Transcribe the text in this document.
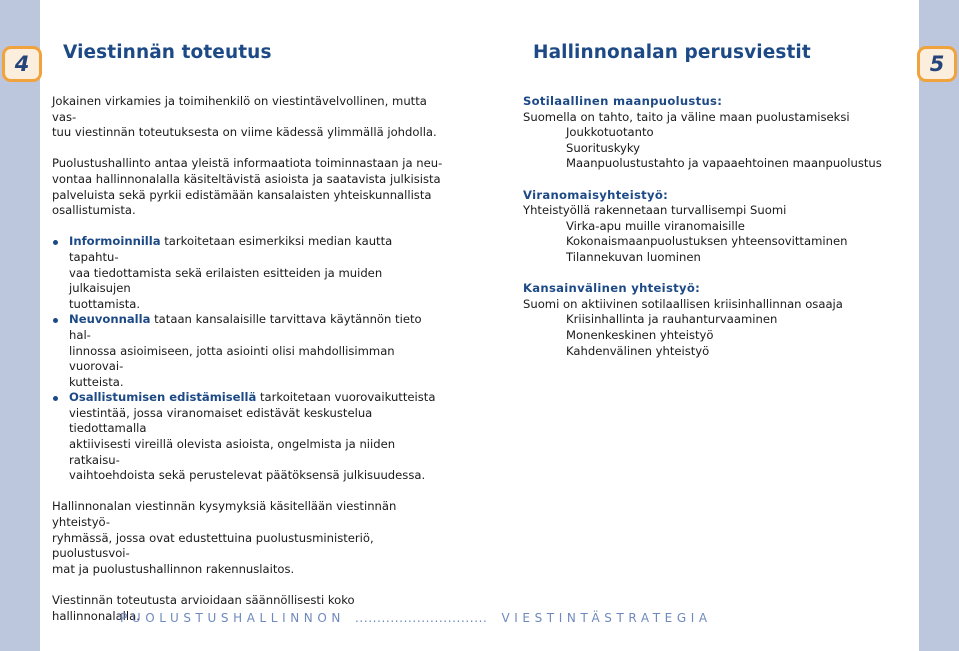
4	5
Viestinnän toteutus	Hallinnonalan perusviestit

Jokainen virkamies ja toimihenkilö on viestintävelvollinen, mutta vas-
tuu viestinnän toteutuksesta on viime kädessä ylimmällä johdolla.

Puolustushallinto antaa yleistä informaatiota toiminnastaan ja neu-
vontaa hallinnonalalla käsiteltävistä asioista ja saatavista julkisista
palveluista sekä pyrkii edistämään kansalaisten yhteiskunnallista
osallistumista.

Informoinnilla tarkoitetaan esimerkiksi median kautta tapahtu-
vaa tiedottamista sekä erilaisten esitteiden ja muiden julkaisujen
tuottamista.
Neuvonnalla tataan kansalaisille tarvittava käytännön tieto hal-
linnossa asioimiseen, jotta asiointi olisi mahdollisimman vuorovai-
kutteista.
Osallistumisen edistämisellä tarkoitetaan vuorovaikutteista
viestintää, jossa viranomaiset edistävät keskustelua tiedottamalla
aktiivisesti vireillä olevista asioista, ongelmista ja niiden ratkaisu-
vaihtoehdoista sekä perustelevat päätöksensä julkisuudessa.

Hallinnonalan viestinnän kysymyksiä käsitellään viestinnän yhteistyö-
ryhmässä, jossa ovat edustettuina puolustusministeriö, puolustusvoi-
mat ja puolustushallinnon rakennuslaitos.

Viestinnän toteutusta arvioidaan säännöllisesti koko hallinnonalalla.

Sotilaallinen maanpuolustus:

Suomella on tahto, taito ja väline maan puolustamiseksi

Joukkotuotanto

Suorituskyky

Maanpuolustustahto ja vapaaehtoinen maanpuolustus

Viranomaisyhteistyö:

Yhteistyöllä rakennetaan turvallisempi Suomi

Virka-apu muille viranomaisille

Kokonaismaanpuolustuksen yhteensovittaminen

Tilannekuvan luominen

Kansainvälinen yhteistyö:

Suomi on aktiivinen sotilaallisen kriisinhallinnan osaaja

Kriisinhallinta ja rauhanturvaaminen

Monenkeskinen yhteistyö

Kahdenvälinen yhteistyö

PUOLUSTUSHALLINNON .............................. VIESTINTÄSTRATEGIA
